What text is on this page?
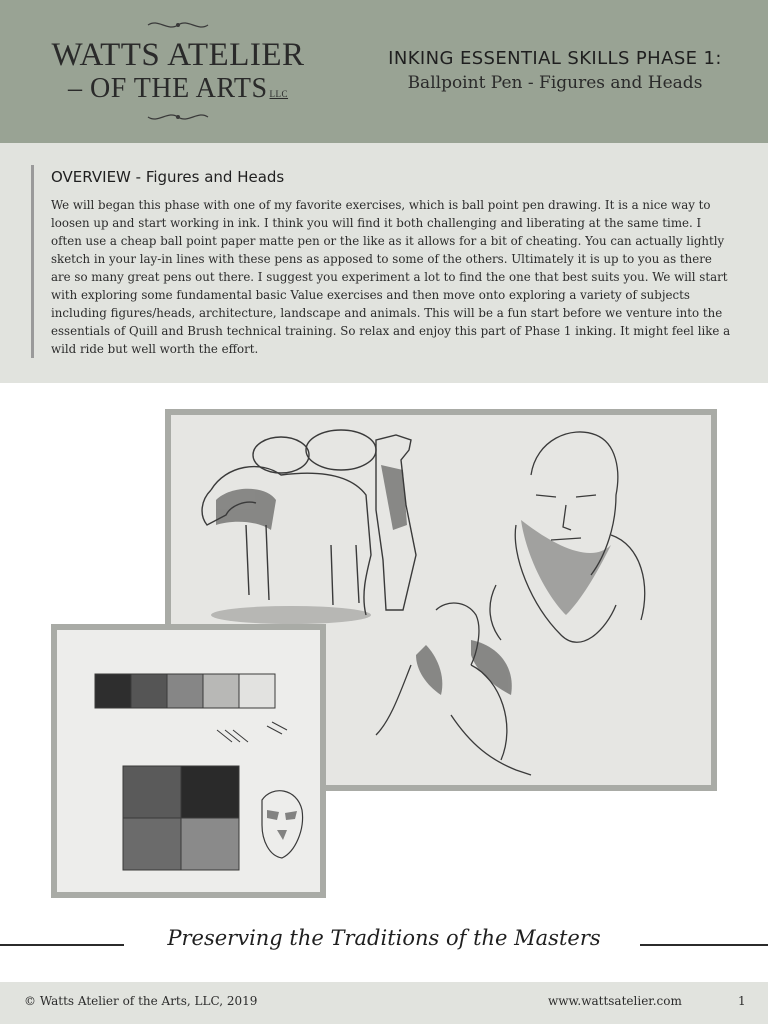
WATTS ATELIER
– OF THE ARTS LLC
INKING ESSENTIAL SKILLS PHASE 1:
Ballpoint Pen - Figures and Heads
OVERVIEW - Figures and Heads

We will began this phase with one of my favorite exercises, which is ball point pen drawing. It is a nice way to loosen up and start working in ink. I think you will find it both challenging and liberating at the same time. I often use a cheap ball point paper matte pen or the like as it allows for a bit of cheating. You can actually lightly sketch in your lay-in lines with these pens as apposed to some of the others. Ultimately it is up to you as there are so many great pens out there. I suggest you experiment a lot to find the one that best suits you. We will start with exploring some fundamental basic Value exercises and then move onto exploring a variety of subjects including figures/heads, architecture, landscape and animals. This will be a fun start before we venture into the essentials of Quill and Brush technical training. So relax and enjoy this part of Phase 1 inking. It might feel like a wild ride but well worth the effort.

Preserving the Traditions of the Masters
© Watts Atelier of the Arts, LLC, 2019	www.wattsatelier.com	1
